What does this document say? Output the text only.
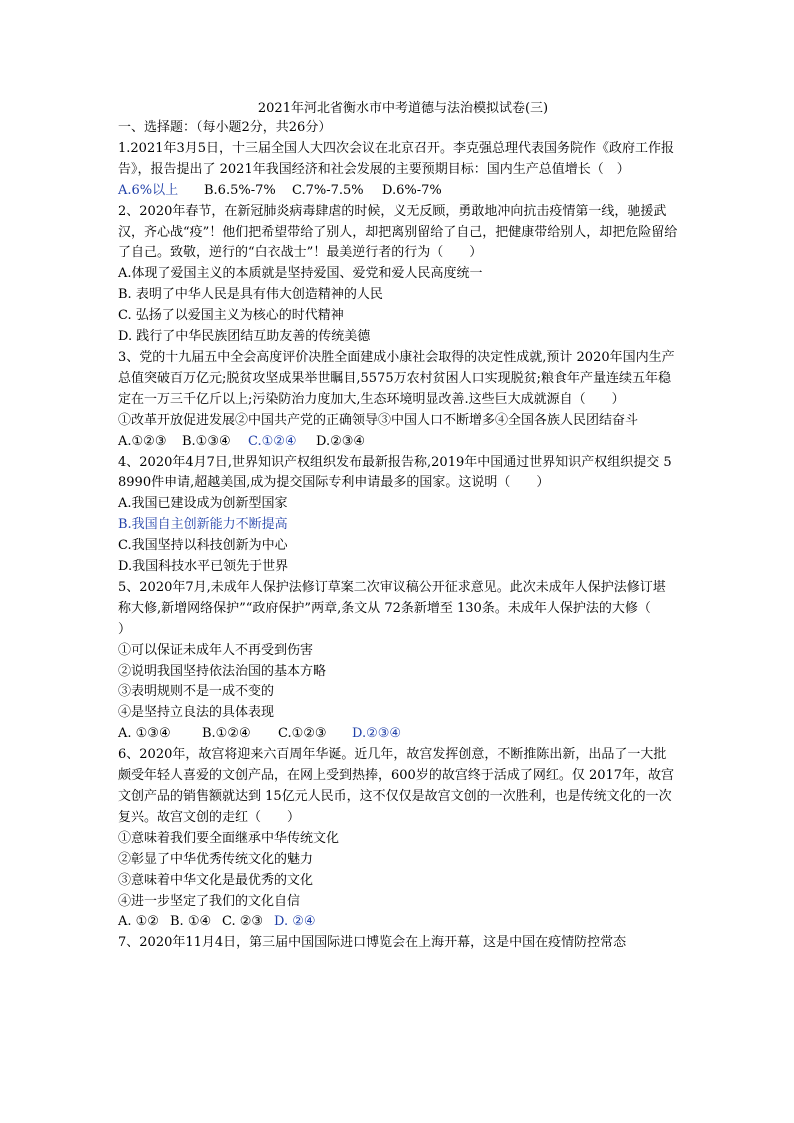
2021年河北省衡水市中考道德与法治模拟试卷(三)
一、选择题：（每小题2分，共26分）
1.2021年3月5日，十三届全国人大四次会议在北京召开。李克强总理代表国务院作《政府工作报告》，报告提出了 2021年我国经济和社会发展的主要预期目标：国内生产总值增长（　）
A.6%以上 B.6.5%-7% C.7%-7.5% D.6%-7%
2、2020年春节，在新冠肺炎病毒肆虐的时候，义无反顾，勇敢地冲向抗击疫情第一线，驰援武汉，齐心战“疫”！他们把希望带给了别人，却把离别留给了自己，把健康带给别人，却把危险留给了自己。致敬，逆行的“白衣战士”！最美逆行者的行为（　　）
A.体现了爱国主义的本质就是坚持爱国、爱党和爱人民高度统一
B. 表明了中华人民是具有伟大创造精神的人民
C. 弘扬了以爱国主义为核心的时代精神
D. 践行了中华民族团结互助友善的传统美德
3、党的十九届五中全会高度评价决胜全面建成小康社会取得的决定性成就,预计 2020年国内生产总值突破百万亿元;脱贫攻坚成果举世瞩目,5575万农村贫困人口实现脱贫;粮食年产量连续五年稳定在一万三千亿斤以上;污染防治力度加大,生态环境明显改善.这些巨大成就源自（　　）
①改革开放促进发展②中国共产党的正确领导③中国人口不断增多④全国各族人民团结奋斗
A.①②③ B.①③④ C.①②④ D.②③④
4、2020年4月7日,世界知识产权组织发布最新报告称,2019年中国通过世界知识产权组织提交 58990件申请,超越美国,成为提交国际专利申请最多的国家。这说明（　　）
A.我国已建设成为创新型国家
B.我国自主创新能力不断提高
C.我国坚持以科技创新为中心
D.我国科技水平已领先于世界
5、2020年7月,未成年人保护法修订草案二次审议稿公开征求意见。此次未成年人保护法修订堪称大修,新增网络保护”“政府保护”两章,条文从 72条新增至 130条。未成年人保护法的大修（　　）
①可以保证未成年人不再受到伤害
②说明我国坚持依法治国的基本方略
③表明规则不是一成不变的
④是坚持立良法的具体表现
A. ①③④ B.①②④ C.①②③ D.②③④
6、2020年，故宫将迎来六百周年华诞。近几年，故宫发挥创意，不断推陈出新，出品了一大批颇受年轻人喜爱的文创产品，在网上受到热捧，600岁的故宫终于活成了网红。仅 2017年，故宫文创产品的销售额就达到 15亿元人民币，这不仅仅是故宫文创的一次胜利，也是传统文化的一次复兴。故宫文创的走红（　　）
①意味着我们要全面继承中华传统文化
②彰显了中华优秀传统文化的魅力
③意味着中华文化是最优秀的文化
④进一步坚定了我们的文化自信
A. ①② B. ①④ C. ②③ D. ②④
7、2020年11月4日，第三届中国国际进口博览会在上海开幕，这是中国在疫情防控常态
